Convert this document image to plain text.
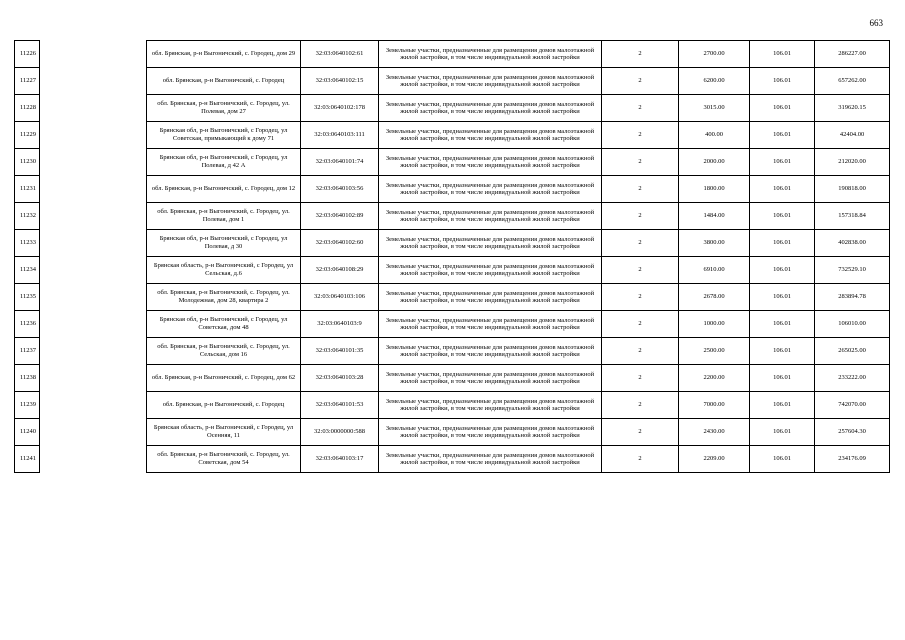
663
11226		обл. Брянская, р-н Выгоничский, с. Городец, дом 29	32:03:0640102:61	Земельные участки, предназначенные для размещения домов малоэтажной жилой застройки, в том числе индивидуальной жилой застройки	2	2700.00	106.01	286227.00
11227		обл. Брянская, р-н Выгоничский, с. Городец	32:03:0640102:15	Земельные участки, предназначенные для размещения домов малоэтажной жилой застройки, в том числе индивидуальной жилой застройки	2	6200.00	106.01	657262.00
11228		обл. Брянская, р-н Выгоничский, с. Городец, ул. Полевая, дом 27	32:03:0640102:178	Земельные участки, предназначенные для размещения домов малоэтажной жилой застройки, в том числе индивидуальной жилой застройки	2	3015.00	106.01	319620.15
11229		Брянская обл, р-н Выгоничский, с Городец, ул Советская, примыкающий к дому 71	32:03:0640103:111	Земельные участки, предназначенные для размещения домов малоэтажной жилой застройки, в том числе индивидуальной жилой застройки	2	400.00	106.01	42404.00
11230		Брянская обл, р-н Выгоничский, с Городец, ул Полевая, д 42 А	32:03:0640101:74	Земельные участки, предназначенные для размещения домов малоэтажной жилой застройки, в том числе индивидуальной жилой застройки	2	2000.00	106.01	212020.00
11231		обл. Брянская, р-н Выгоничский, с. Городец, дом 12	32:03:0640103:56	Земельные участки, предназначенные для размещения домов малоэтажной жилой застройки, в том числе индивидуальной жилой застройки	2	1800.00	106.01	190818.00
11232		обл. Брянская, р-н Выгоничский, с. Городец, ул. Полевая, дом 1	32:03:0640102:89	Земельные участки, предназначенные для размещения домов малоэтажной жилой застройки, в том числе индивидуальной жилой застройки	2	1484.00	106.01	157318.84
11233		Брянская обл, р-н Выгоничский, с Городец, ул Полевая, д 30	32:03:0640102:60	Земельные участки, предназначенные для размещения домов малоэтажной жилой застройки, в том числе индивидуальной жилой застройки	2	3800.00	106.01	402838.00
11234		Брянская область, р-н Выгоничский, с Городец, ул Сельская, д.6	32:03:0640108:29	Земельные участки, предназначенные для размещения домов малоэтажной жилой застройки, в том числе индивидуальной жилой застройки	2	6910.00	106.01	732529.10
11235		обл. Брянская, р-н Выгоничский, с. Городец, ул. Молодежная, дом 28, квартира 2	32:03:0640103:106	Земельные участки, предназначенные для размещения домов малоэтажной жилой застройки, в том числе индивидуальной жилой застройки	2	2678.00	106.01	283894.78
11236		Брянская обл, р-н Выгоничский, с Городец, ул Советская, дом 48	32:03:0640103:9	Земельные участки, предназначенные для размещения домов малоэтажной жилой застройки, в том числе индивидуальной жилой застройки	2	1000.00	106.01	106010.00
11237		обл. Брянская, р-н Выгоничский, с. Городец, ул. Сельская, дом 16	32:03:0640101:35	Земельные участки, предназначенные для размещения домов малоэтажной жилой застройки, в том числе индивидуальной жилой застройки	2	2500.00	106.01	265025.00
11238		обл. Брянская, р-н Выгоничский, с. Городец, дом 62	32:03:0640103:28	Земельные участки, предназначенные для размещения домов малоэтажной жилой застройки, в том числе индивидуальной жилой застройки	2	2200.00	106.01	233222.00
11239		обл. Брянская, р-н Выгоничский, с. Городец	32:03:0640101:53	Земельные участки, предназначенные для размещения домов малоэтажной жилой застройки, в том числе индивидуальной жилой застройки	2	7000.00	106.01	742070.00
11240		Брянская область, р-н Выгоничский, с Городец, ул Осенняя, 11	32:03:0000000:588	Земельные участки, предназначенные для размещения домов малоэтажной жилой застройки, в том числе индивидуальной жилой застройки	2	2430.00	106.01	257604.30
11241		обл. Брянская, р-н Выгоничский, с. Городец, ул. Советская, дом 54	32:03:0640103:17	Земельные участки, предназначенные для размещения домов малоэтажной жилой застройки, в том числе индивидуальной жилой застройки	2	2209.00	106.01	234176.09
